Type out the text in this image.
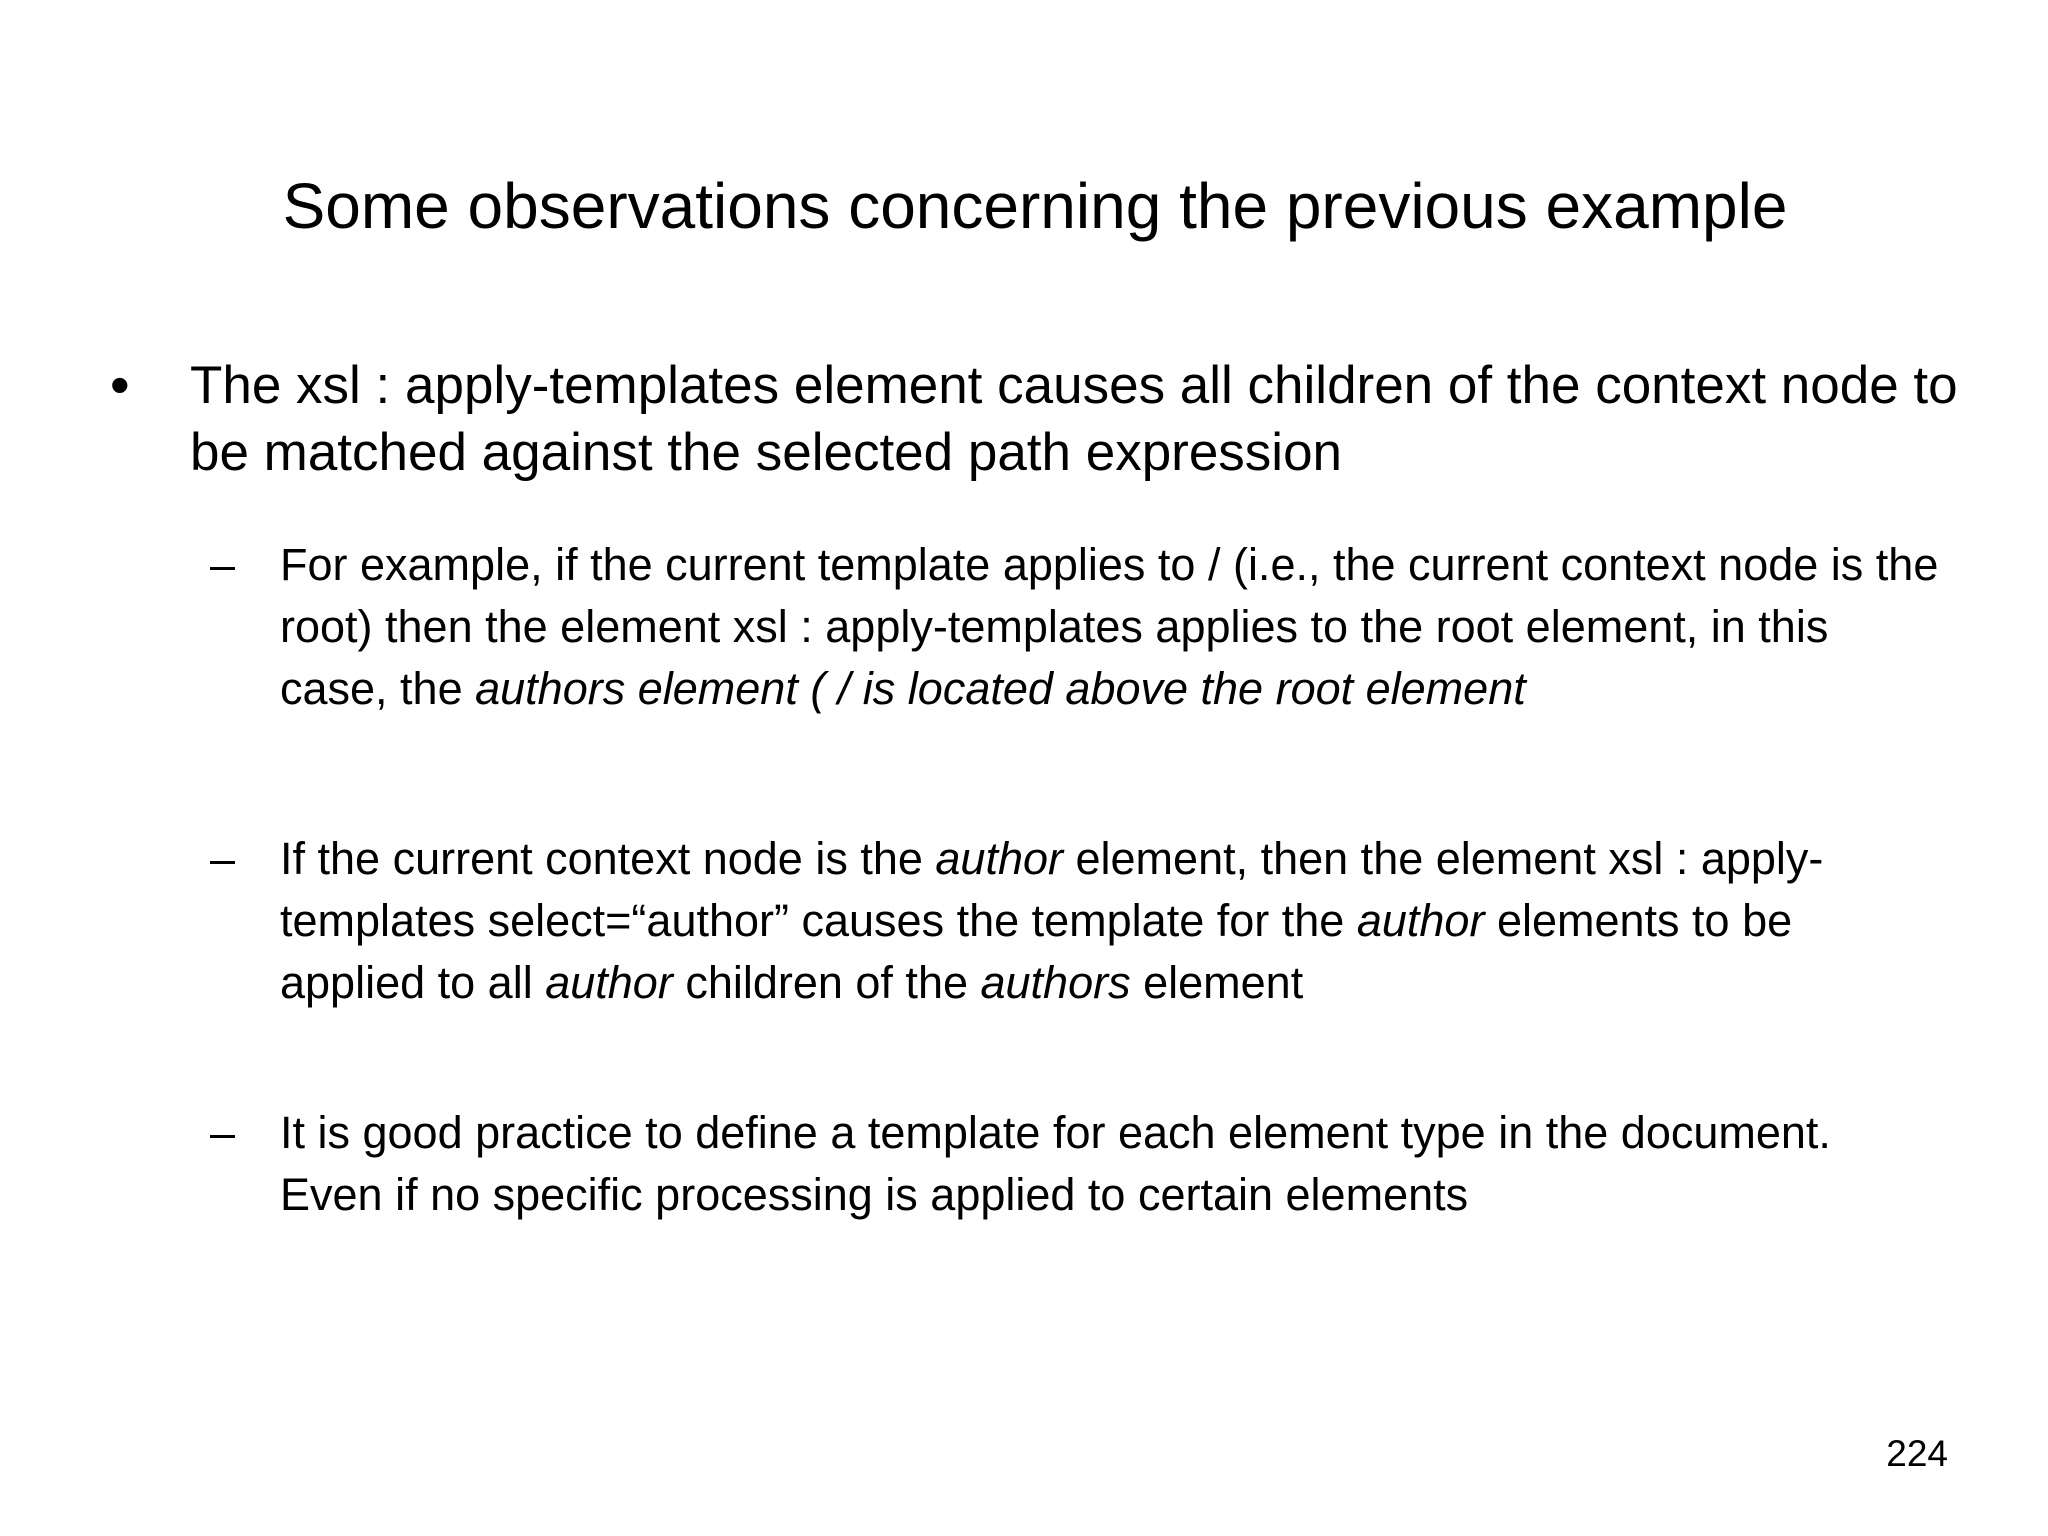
Some observations concerning the previous example
• The xsl : apply-templates element causes all children of the context node to be matched against the selected path expression
– For example, if the current template applies to / (i.e., the current context node is the root) then the element xsl : apply-templates applies to the root element, in this case, the authors element ( / is located above the root element
– If the current context node is the author element, then the element xsl : apply-templates select=“author” causes the template for the author elements to be applied to all author children of the authors element
– It is good practice to define a template for each element type in the document. Even if no specific processing is applied to certain elements
224
